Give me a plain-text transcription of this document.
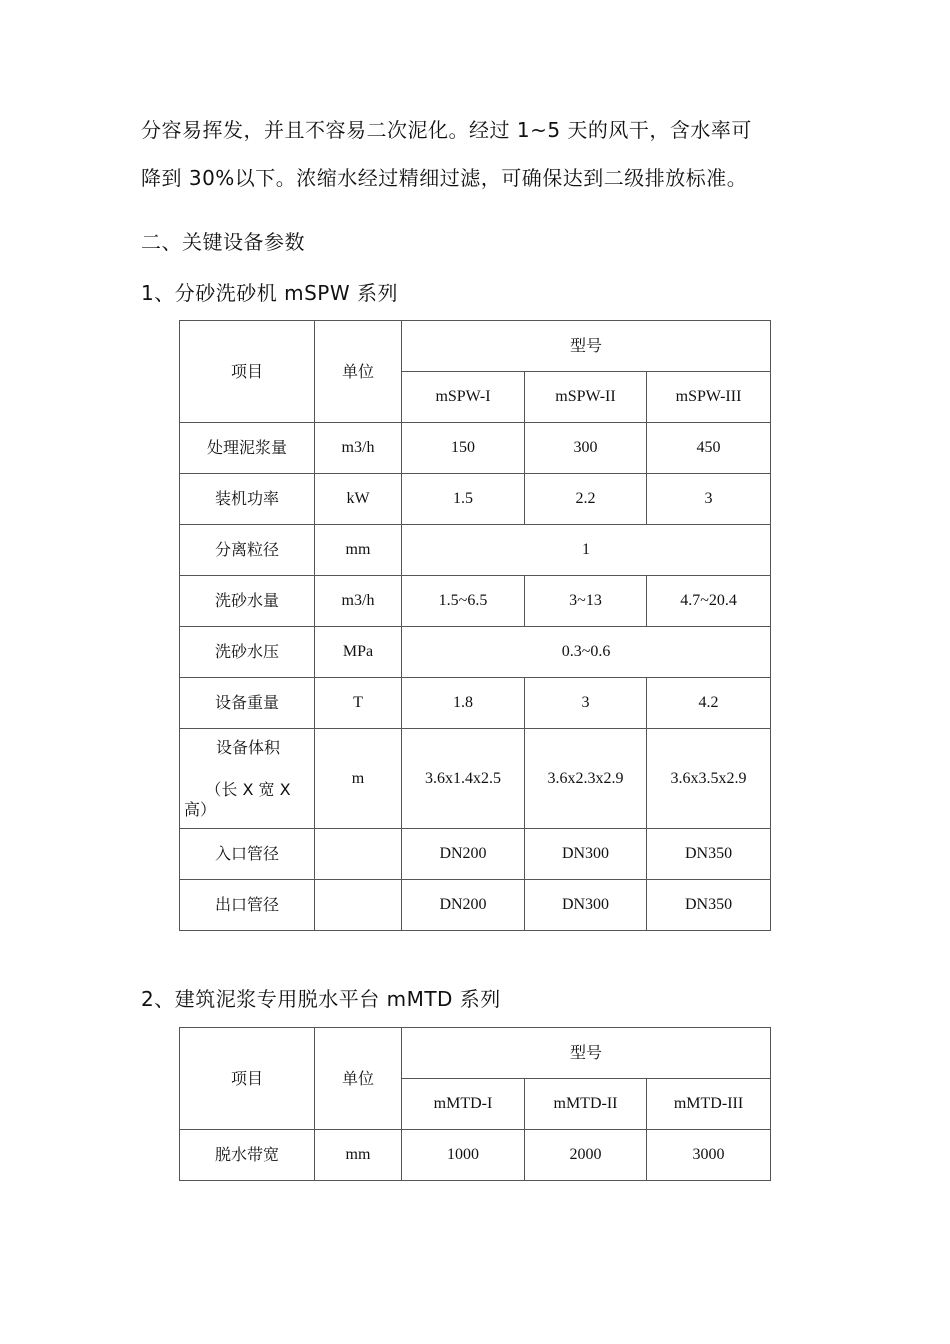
分容易挥发，并且不容易二次泥化。经过 1~5 天的风干，含水率可

降到 30%以下。浓缩水经过精细过滤，可确保达到二级排放标准。

二、关键设备参数

1、分砂洗砂机 mSPW 系列

项目	单位	型号		
		mSPW-I	mSPW-II	mSPW-III
处理泥浆量	m3/h	150	300	450
装机功率	kW	1.5	2.2	3
分离粒径	mm	1		
洗砂水量	m3/h	1.5~6.5	3~13	4.7~20.4
洗砂水压	MPa	0.3~0.6		
设备重量	T	1.8	3	4.2

设备体积
（长 X 宽 X
高）	m	3.6x1.4x2.5	3.6x2.3x2.9	3.6x3.5x2.9
入口管径		DN200	DN300	DN350
出口管径		DN200	DN300	DN350

2、建筑泥浆专用脱水平台 mMTD 系列

项目	单位	型号		
		mMTD-I	mMTD-II	mMTD-III
脱水带宽	mm	1000	2000	3000
